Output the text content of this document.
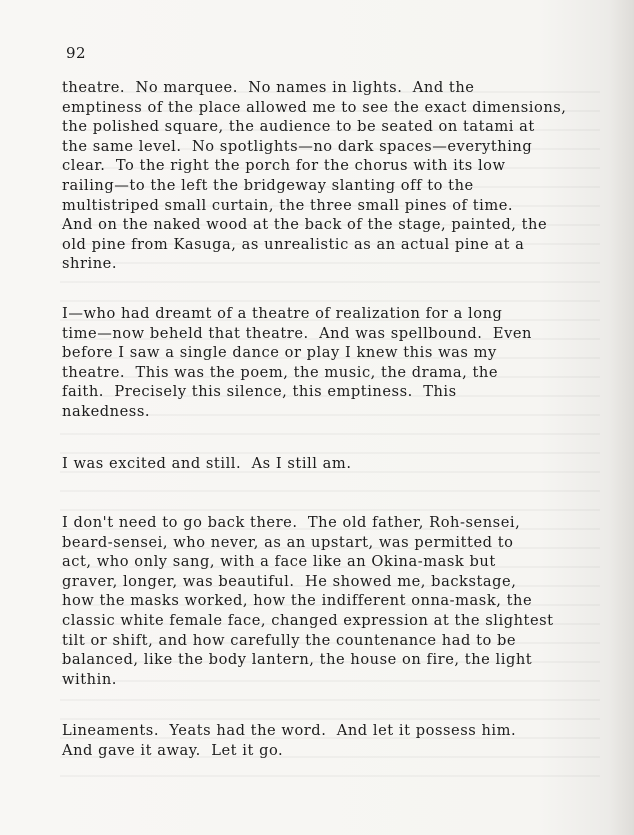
92

theatre.  No marquee.  No names in lights.  And the
emptiness of the place allowed me to see the exact dimensions,
the polished square, the audience to be seated on tatami at
the same level.  No spotlights—no dark spaces—everything
clear.  To the right the porch for the chorus with its low
railing—to the left the bridgeway slanting off to the
multistriped small curtain, the three small pines of time.
And on the naked wood at the back of the stage, painted, the
old pine from Kasuga, as unrealistic as an actual pine at a
shrine.

I—who had dreamt of a theatre of realization for a long
time—now beheld that theatre.  And was spellbound.  Even
before I saw a single dance or play I knew this was my
theatre.  This was the poem, the music, the drama, the
faith.  Precisely this silence, this emptiness.  This
nakedness.

I was excited and still.  As I still am.

I don't need to go back there.  The old father, Roh-sensei,
beard-sensei, who never, as an upstart, was permitted to
act, who only sang, with a face like an Okina-mask but
graver, longer, was beautiful.  He showed me, backstage,
how the masks worked, how the indifferent onna-mask, the
classic white female face, changed expression at the slightest
tilt or shift, and how carefully the countenance had to be
balanced, like the body lantern, the house on fire, the light
within.

Lineaments.  Yeats had the word.  And let it possess him.
And gave it away.  Let it go.
